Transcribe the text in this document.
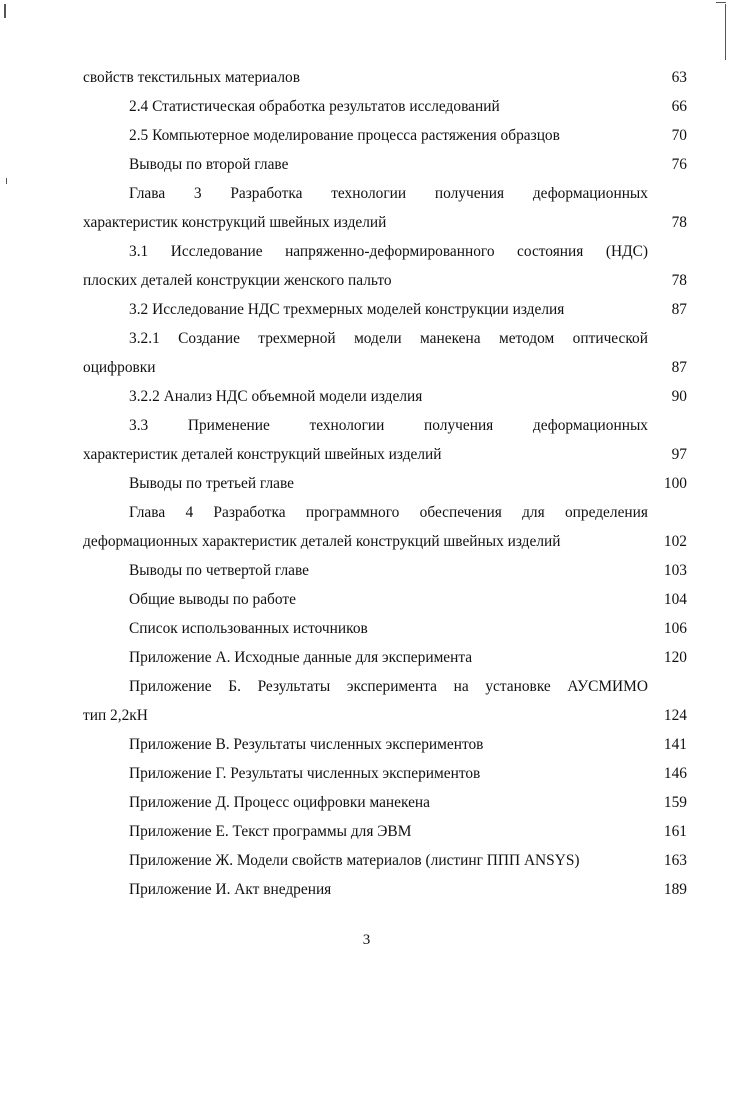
свойств текстильных материалов	63
2.4 Статистическая обработка результатов исследований	66
2.5 Компьютерное моделирование процесса растяжения образцов	70
Выводы по второй главе	76
Глава 3 Разработка технологии получения деформационных
характеристик конструкций швейных изделий	78
3.1 Исследование напряженно-деформированного состояния (НДС)
плоских деталей конструкции женского пальто	78
3.2 Исследование НДС трехмерных моделей конструкции изделия	87
3.2.1 Создание трехмерной модели манекена методом оптической
оцифровки	87
3.2.2 Анализ НДС объемной модели изделия	90
3.3	Применение	технологии	получения	деформационных
характеристик деталей конструкций швейных изделий	97
Выводы по третьей главе	100
Глава 4 Разработка программного обеспечения для определения
деформационных характеристик деталей конструкций швейных изделий	102
Выводы по четвертой главе	103
Общие выводы по работе	104
Список использованных источников	106
Приложение А. Исходные данные для эксперимента	120
Приложение Б. Результаты эксперимента на установке АУСМИМО
тип 2,2кН	124
Приложение В. Результаты численных экспериментов	141
Приложение Г. Результаты численных экспериментов	146
Приложение Д. Процесс оцифровки манекена	159
Приложение Е. Текст программы для ЭВМ	161
Приложение Ж. Модели свойств материалов (листинг ППП ANSYS)	163
Приложение И. Акт внедрения	189
3
